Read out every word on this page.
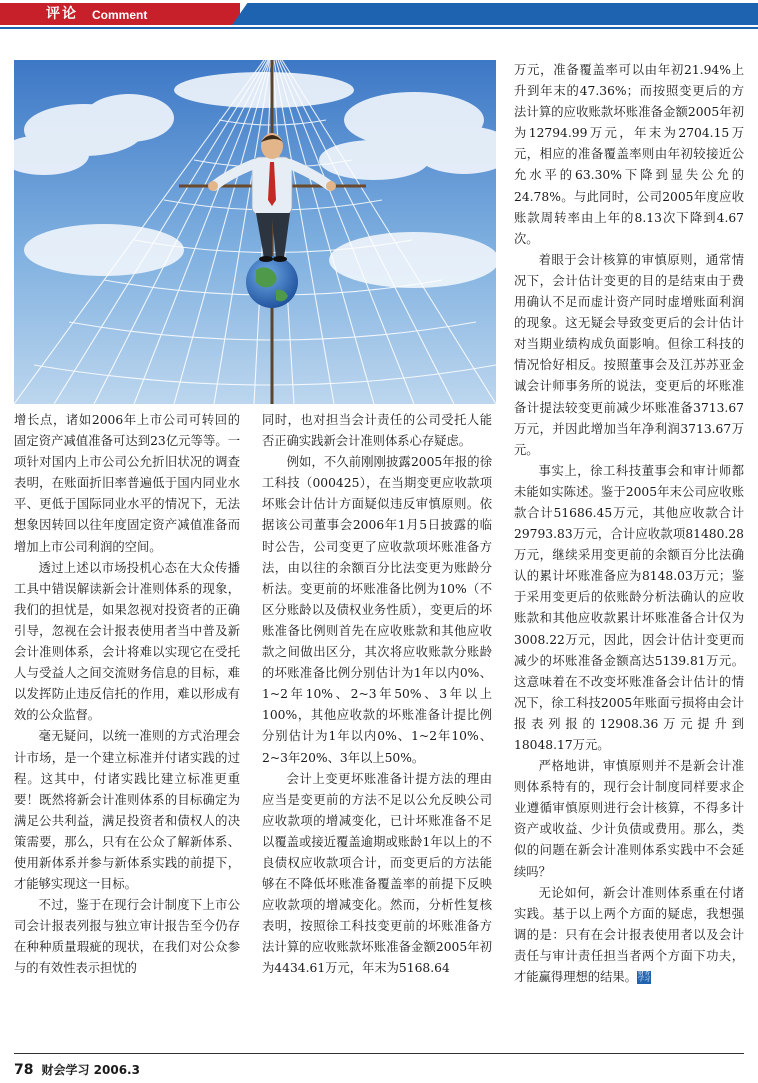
评论 Comment

增长点，诸如2006年上市公司可转回的固定资产减值准备可达到23亿元等等。一项针对国内上市公司公允折旧状况的调查表明，在账面折旧率普遍低于国内同业水平、更低于国际同业水平的情况下，无法想象因转回以往年度固定资产减值准备而增加上市公司利润的空间。

透过上述以市场投机心态在大众传播工具中错误解读新会计准则体系的现象，我们的担忧是，如果忽视对投资者的正确引导，忽视在会计报表使用者当中普及新会计准则体系，会计将难以实现它在受托人与受益人之间交流财务信息的目标，难以发挥防止违反信托的作用，难以形成有效的公众监督。

毫无疑问，以统一准则的方式治理会计市场，是一个建立标准并付诸实践的过程。这其中，付诸实践比建立标准更重要！既然将新会计准则体系的目标确定为满足公共利益，满足投资者和债权人的决策需要，那么，只有在公众了解新体系、使用新体系并参与新体系实践的前提下，才能够实现这一目标。

不过，鉴于在现行会计制度下上市公司会计报表列报与独立审计报告至今仍存在种种质量瑕疵的现状，在我们对公众参与的有效性表示担忧的

同时，也对担当会计责任的公司受托人能否正确实践新会计准则体系心存疑虑。

例如，不久前刚刚披露2005年报的徐工科技（000425），在当期变更应收款项坏账会计估计方面疑似违反审慎原则。依据该公司董事会2006年1月5日披露的临时公告，公司变更了应收款项坏账准备方法，由以往的余额百分比法变更为账龄分析法。变更前的坏账准备比例为10%（不区分账龄以及债权业务性质），变更后的坏账准备比例则首先在应收账款和其他应收款之间做出区分，其次将应收账款分账龄的坏账准备比例分别估计为1年以内0%、1~2年10%、2~3年50%、3年以上100%，其他应收款的坏账准备计提比例分别估计为1年以内0%、1~2年10%、2~3年20%、3年以上50%。

会计上变更坏账准备计提方法的理由应当是变更前的方法不足以公允反映公司应收款项的增减变化，已计坏账准备不足以覆盖或接近覆盖逾期或账龄1年以上的不良债权应收款项合计，而变更后的方法能够在不降低坏账准备覆盖率的前提下反映应收款项的增减变化。然而，分析性复核表明，按照徐工科技变更前的坏账准备方法计算的应收账款坏账准备金额2005年初为4434.61万元，年末为5168.64

万元，准备覆盖率可以由年初21.94%上升到年末的47.36%；而按照变更后的方法计算的应收账款坏账准备金额2005年初为12794.99万元，年末为2704.15万元，相应的准备覆盖率则由年初较接近公允水平的63.30%下降到显失公允的24.78%。与此同时，公司2005年度应收账款周转率由上年的8.13次下降到4.67次。

着眼于会计核算的审慎原则，通常情况下，会计估计变更的目的是结束由于费用确认不足而虚计资产同时虚增账面利润的现象。这无疑会导致变更后的会计估计对当期业绩构成负面影响。但徐工科技的情况恰好相反。按照董事会及江苏苏亚金诚会计师事务所的说法，变更后的坏账准备计提法较变更前减少坏账准备3713.67万元，并因此增加当年净利润3713.67万元。

事实上，徐工科技董事会和审计师都未能如实陈述。鉴于2005年末公司应收账款合计51686.45万元，其他应收款合计29793.83万元，合计应收款项81480.28万元，继续采用变更前的余额百分比法确认的累计坏账准备应为8148.03万元；鉴于采用变更后的依账龄分析法确认的应收账款和其他应收款累计坏账准备合计仅为3008.22万元，因此，因会计估计变更而减少的坏账准备金额高达5139.81万元。这意味着在不改变坏账准备会计估计的情况下，徐工科技2005年账面亏损将由会计报表列报的12908.36万元提升到18048.17万元。

严格地讲，审慎原则并不是新会计准则体系特有的，现行会计制度同样要求企业遵循审慎原则进行会计核算，不得多计资产或收益、少计负债或费用。那么，类似的问题在新会计准则体系实践中不会延续吗？

无论如何，新会计准则体系重在付诸实践。基于以上两个方面的疑虑，我想强调的是：只有在会计报表使用者以及会计责任与审计责任担当者两个方面下功夫，才能赢得理想的结果。财务学习

78 财会学习 2006.3
